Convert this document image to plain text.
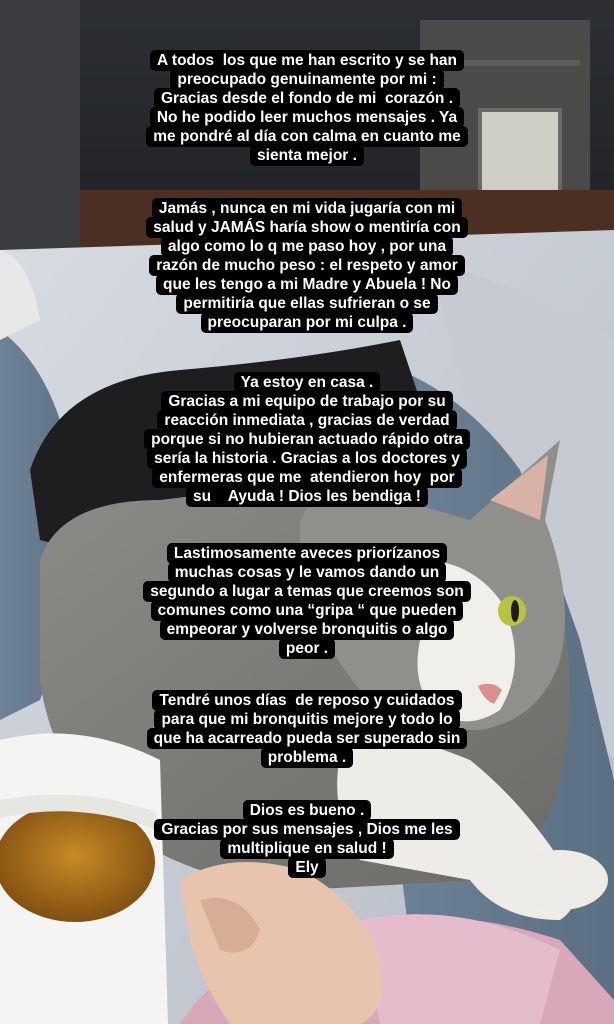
A todos  los que me han escrito y se han
preocupado genuinamente por mi :
Gracias desde el fondo de mi  corazón .
No he podido leer muchos mensajes . Ya
me pondré al día con calma en cuanto me
sienta mejor .
Jamás , nunca en mi vida jugaría con mi
salud y JAMÁS haría show o mentiría con
algo como lo q me paso hoy , por una
razón de mucho peso : el respeto y amor
que les tengo a mi Madre y Abuela ! No
permitiría que ellas sufrieran o se
preocuparan por mi culpa .
Ya estoy en casa .
Gracias a mi equipo de trabajo por su
reacción inmediata , gracias de verdad
porque si no hubieran actuado rápido otra
sería la historia . Gracias a los doctores y
enfermeras que me  atendieron hoy  por
su    Ayuda ! Dios les bendiga !
Lastimosamente aveces priorízanos
muchas cosas y le vamos dando un
segundo a lugar a temas que creemos son
comunes como una “gripa “ que pueden
empeorar y volverse bronquitis o algo
peor .
Tendré unos días  de reposo y cuidados
para que mi bronquitis mejore y todo lo
que ha acarreado pueda ser superado sin
problema .
Dios es bueno .
Gracias por sus mensajes , Dios me les
multiplique en salud !
Ely
